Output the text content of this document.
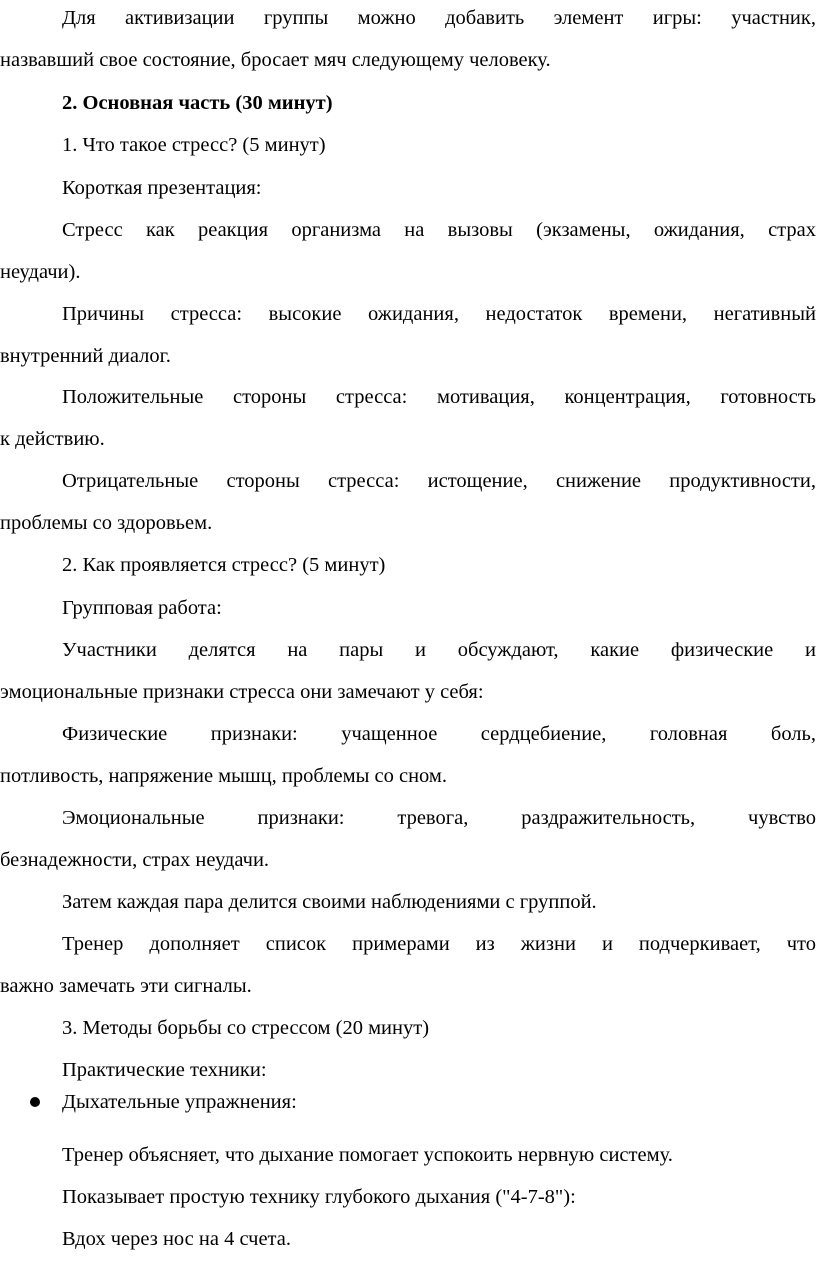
Для активизации группы можно добавить элемент игры: участник,
назвавший свое состояние, бросает мяч следующему человеку.
2. Основная часть (30 минут)
1. Что такое стресс? (5 минут)
Короткая презентация:
Стресс как реакция организма на вызовы (экзамены, ожидания, страх
неудачи).
Причины стресса: высокие ожидания, недостаток времени, негативный
внутренний диалог.
Положительные стороны стресса: мотивация, концентрация, готовность
к действию.
Отрицательные стороны стресса: истощение, снижение продуктивности,
проблемы со здоровьем.
2. Как проявляется стресс? (5 минут)
Групповая работа:
Участники делятся на пары и обсуждают, какие физические и
эмоциональные признаки стресса они замечают у себя:
Физические признаки: учащенное сердцебиение, головная боль,
потливость, напряжение мышц, проблемы со сном.
Эмоциональные признаки: тревога, раздражительность, чувство
безнадежности, страх неудачи.
Затем каждая пара делится своими наблюдениями с группой.
Тренер дополняет список примерами из жизни и подчеркивает, что
важно замечать эти сигналы.
3. Методы борьбы со стрессом (20 минут)
Практические техники:
Дыхательные упражнения:
Тренер объясняет, что дыхание помогает успокоить нервную систему.
Показывает простую технику глубокого дыхания ("4-7-8"):
Вдох через нос на 4 счета.
